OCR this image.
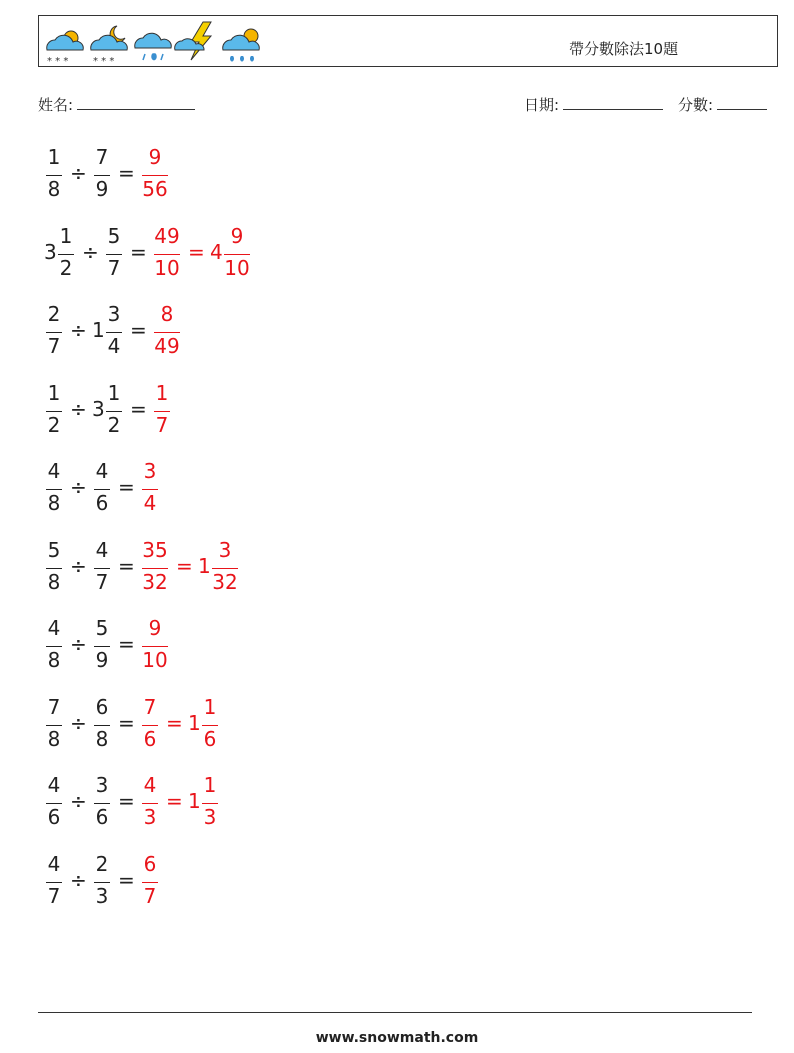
* * * * * *
帶分數除法10題
姓名:	日期:	分數:
1
8
÷
7
9
=
9
56
3
1
2
÷
5
7
=
49
10
= 4
9
10
2
7
÷ 1
3
4
=
8
49
1
2
÷ 3
1
2
=
1
7
4
8
÷
4
6
=
3
4
5
8
÷
4
7
=
35
32
= 1
3
32
4
8
÷
5
9
=
9
10
7
8
÷
6
8
=
7
6
= 1
1
6
4
6
÷
3
6
=
4
3
= 1
1
3
4
7
÷
2
3
=
6
7
www.snowmath.com
